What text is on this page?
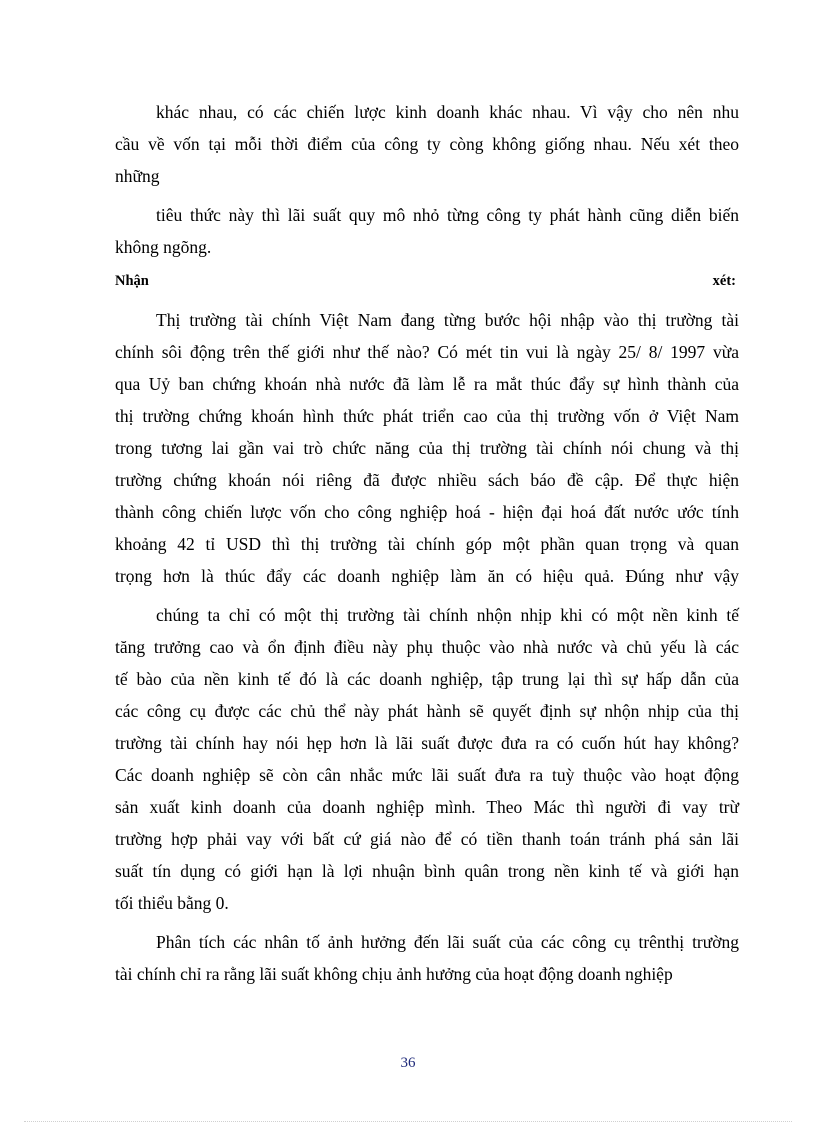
khác nhau, có các chiến lược kinh doanh khác nhau. Vì vậy cho nên nhu
cầu về vốn tại mỗi thời điểm của công ty còng không giống nhau. Nếu xét theo
những
tiêu thức này thì lãi suất quy mô nhỏ từng công ty phát hành cũng diễn biến
không ngõng.
Nhận	xét:
Thị trường tài chính Việt Nam đang từng bước hội nhập vào thị trường tài
chính sôi động trên thế giới như thế nào? Có mét tin vui là ngày 25/ 8/ 1997 vừa
qua Uỷ ban chứng khoán nhà nước đã làm lễ ra mắt thúc đẩy sự hình thành của
thị trường chứng khoán hình thức phát triển cao của thị trường vốn ở Việt Nam
trong tương lai gần vai trò chức năng của thị trường tài chính nói chung và thị
trường chứng khoán nói riêng đã được nhiều sách báo đề cập. Để thực hiện
thành công chiến lược vốn cho công nghiệp hoá - hiện đại hoá đất nước ước tính
khoảng 42 tỉ USD thì thị trường tài chính góp một phần quan trọng và quan
trọng hơn là thúc đẩy các doanh nghiệp làm ăn có hiệu quả. Đúng như vậy
chúng ta chỉ có một thị trường tài chính nhộn nhịp khi có một nền kinh tế
tăng trưởng cao và ổn định điều này phụ thuộc vào nhà nước và chủ yếu là các
tế bào của nền kinh tế đó là các doanh nghiệp, tập trung lại thì sự hấp dẫn của
các công cụ được các chủ thể này phát hành sẽ quyết định sự nhộn nhịp của thị
trường tài chính hay nói hẹp hơn là lãi suất được đưa ra có cuốn hút hay không?
Các doanh nghiệp sẽ còn cân nhắc mức lãi suất đưa ra tuỳ thuộc vào hoạt động
sản xuất kinh doanh của doanh nghiệp mình. Theo Mác thì người đi vay trừ
trường hợp phải vay với bất cứ giá nào để có tiền thanh toán tránh phá sản lãi
suất tín dụng có giới hạn là lợi nhuận bình quân trong nền kinh tế và giới hạn
tối thiểu bằng 0.
Phân tích các nhân tố ảnh hưởng đến lãi suất của các công cụ trênthị trường
tài chính chỉ ra rằng lãi suất không chịu ảnh hưởng của hoạt động doanh nghiệp
36
